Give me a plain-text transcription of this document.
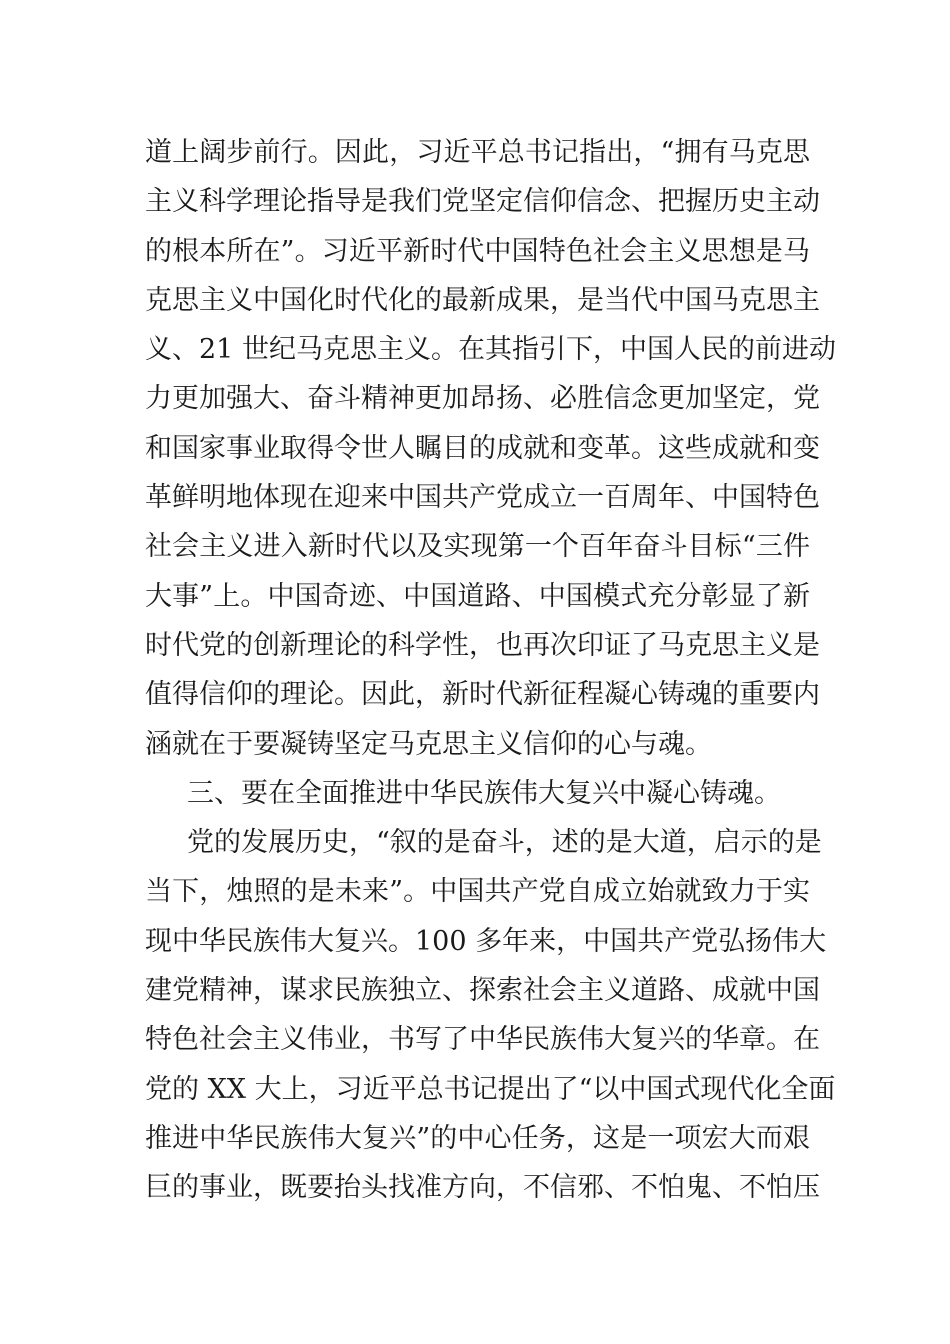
道上阔步前行。因此，习近平总书记指出，“拥有马克思
主义科学理论指导是我们党坚定信仰信念、把握历史主动
的根本所在”。习近平新时代中国特色社会主义思想是马
克思主义中国化时代化的最新成果，是当代中国马克思主
义、21 世纪马克思主义。在其指引下，中国人民的前进动
力更加强大、奋斗精神更加昂扬、必胜信念更加坚定，党
和国家事业取得令世人瞩目的成就和变革。这些成就和变
革鲜明地体现在迎来中国共产党成立一百周年、中国特色
社会主义进入新时代以及实现第一个百年奋斗目标“三件
大事”上。中国奇迹、中国道路、中国模式充分彰显了新
时代党的创新理论的科学性，也再次印证了马克思主义是
值得信仰的理论。因此，新时代新征程凝心铸魂的重要内
涵就在于要凝铸坚定马克思主义信仰的心与魂。
三、要在全面推进中华民族伟大复兴中凝心铸魂。
党的发展历史，“叙的是奋斗，述的是大道，启示的是
当下，烛照的是未来”。中国共产党自成立始就致力于实
现中华民族伟大复兴。100 多年来，中国共产党弘扬伟大
建党精神，谋求民族独立、探索社会主义道路、成就中国
特色社会主义伟业，书写了中华民族伟大复兴的华章。在
党的 XX 大上，习近平总书记提出了“以中国式现代化全面
推进中华民族伟大复兴”的中心任务，这是一项宏大而艰
巨的事业，既要抬头找准方向，不信邪、不怕鬼、不怕压
